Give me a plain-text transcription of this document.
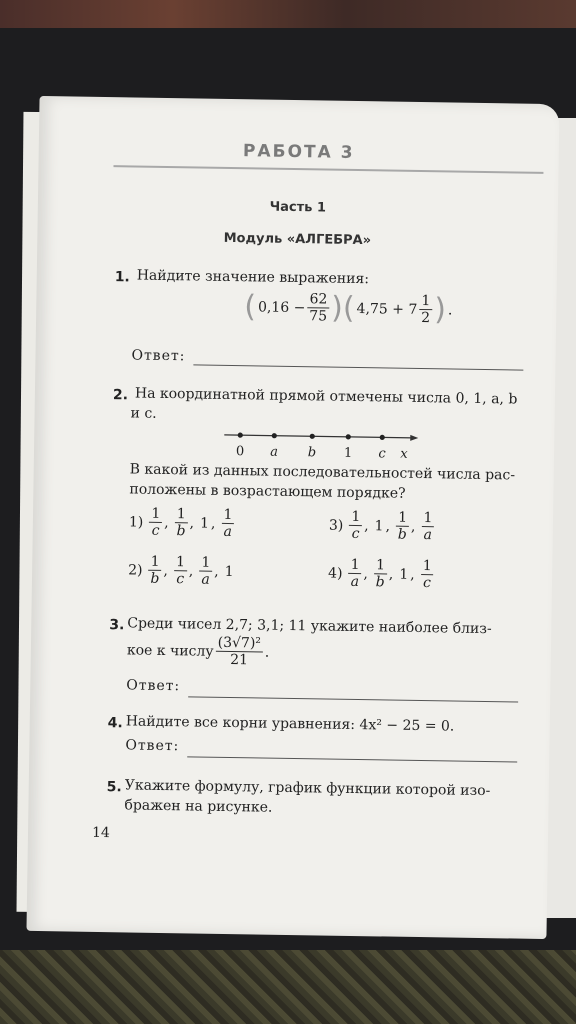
РАБОТА 3
Часть 1
Модуль «АЛГЕБРА»
1. Найдите значение выражения:
( $0,16 - \frac{62}{75}$ )( $4,75 + 7 \frac{1}{2}$ ) .
Ответ:
2. На координатной прямой отмечены числа 0, 1, a, b
и c.
0 a b 1 c x
В какой из данных последовательностей числа рас-
положены в возрастающем порядке?
$1) \frac{1}{c}$ , $\frac{1}{b}$ , 1 , $\frac{1}{a}$
$2) \frac{1}{b}$ , $\frac{1}{c}$ , $\frac{1}{a}$ , 1
$3) \frac{1}{c}$ , 1 , $\frac{1}{b}$ , $\frac{1}{a}$
$4) \frac{1}{a}$ , $\frac{1}{b}$ , 1 , $\frac{1}{c}$
3. Среди чисел 2,7; 3,1; 11 укажите наиболее близ-
кое к числу $\frac{\text{(3√7)²}}{21}$ .
Ответ:
4. Найдите все корни уравнения: 4x² − 25 = 0.
Ответ:
5. Укажите формулу, график функции которой изо-
бражен на рисунке.
14
